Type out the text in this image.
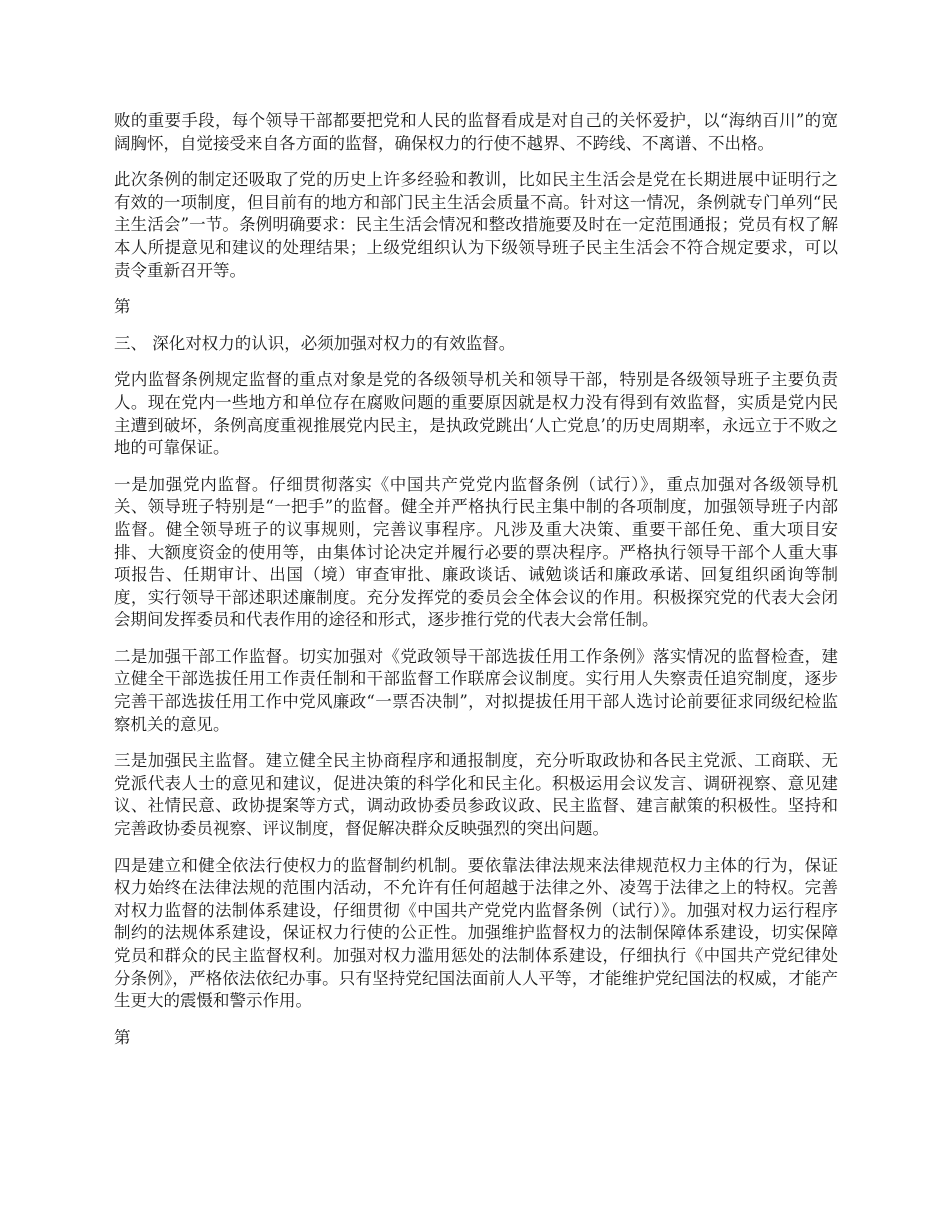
败的重要手段，每个领导干部都要把党和人民的监督看成是对自己的关怀爱护，以“海纳百川”的宽阔胸怀，自觉接受来自各方面的监督，确保权力的行使不越界、不跨线、不离谱、不出格。

此次条例的制定还吸取了党的历史上许多经验和教训，比如民主生活会是党在长期进展中证明行之有效的一项制度，但目前有的地方和部门民主生活会质量不高。针对这一情况，条例就专门单列“民主生活会”一节。条例明确要求：民主生活会情况和整改措施要及时在一定范围通报；党员有权了解本人所提意见和建议的处理结果；上级党组织认为下级领导班子民主生活会不符合规定要求，可以责令重新召开等。

第

三、 深化对权力的认识，必须加强对权力的有效监督。

党内监督条例规定监督的重点对象是党的各级领导机关和领导干部，特别是各级领导班子主要负责人。现在党内一些地方和单位存在腐败问题的重要原因就是权力没有得到有效监督，实质是党内民主遭到破坏，条例高度重视推展党内民主，是执政党跳出‘人亡党息’的历史周期率，永远立于不败之地的可靠保证。

一是加强党内监督。仔细贯彻落实《中国共产党党内监督条例（试行）》，重点加强对各级领导机关、领导班子特别是“一把手”的监督。健全并严格执行民主集中制的各项制度，加强领导班子内部监督。健全领导班子的议事规则，完善议事程序。凡涉及重大决策、重要干部任免、重大项目安排、大额度资金的使用等，由集体讨论决定并履行必要的票决程序。严格执行领导干部个人重大事项报告、任期审计、出国（境）审查审批、廉政谈话、诫勉谈话和廉政承诺、回复组织函询等制度，实行领导干部述职述廉制度。充分发挥党的委员会全体会议的作用。积极探究党的代表大会闭会期间发挥委员和代表作用的途径和形式，逐步推行党的代表大会常任制。

二是加强干部工作监督。切实加强对《党政领导干部选拔任用工作条例》落实情况的监督检查，建立健全干部选拔任用工作责任制和干部监督工作联席会议制度。实行用人失察责任追究制度，逐步完善干部选拔任用工作中党风廉政“一票否决制”，对拟提拔任用干部人选讨论前要征求同级纪检监察机关的意见。

三是加强民主监督。建立健全民主协商程序和通报制度，充分听取政协和各民主党派、工商联、无党派代表人士的意见和建议，促进决策的科学化和民主化。积极运用会议发言、调研视察、意见建议、社情民意、政协提案等方式，调动政协委员参政议政、民主监督、建言献策的积极性。坚持和完善政协委员视察、评议制度，督促解决群众反映强烈的突出问题。

四是建立和健全依法行使权力的监督制约机制。要依靠法律法规来法律规范权力主体的行为，保证权力始终在法律法规的范围内活动，不允许有任何超越于法律之外、凌驾于法律之上的特权。完善对权力监督的法制体系建设，仔细贯彻《中国共产党党内监督条例（试行）》。加强对权力运行程序制约的法规体系建设，保证权力行使的公正性。加强维护监督权力的法制保障体系建设，切实保障党员和群众的民主监督权利。加强对权力滥用惩处的法制体系建设，仔细执行《中国共产党纪律处分条例》，严格依法依纪办事。只有坚持党纪国法面前人人平等，才能维护党纪国法的权威，才能产生更大的震慑和警示作用。

第
